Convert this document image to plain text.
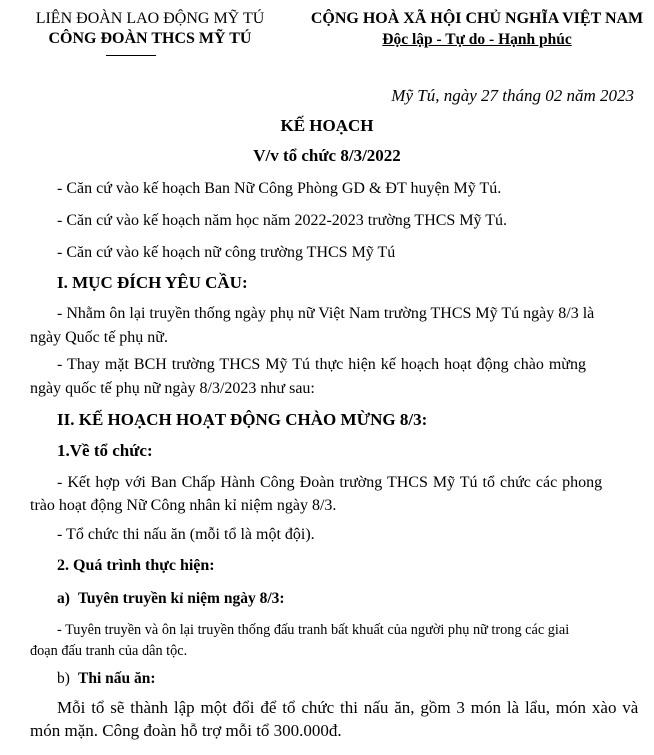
LIÊN ĐOÀN LAO ĐỘNG MỸ TÚ
CÔNG ĐOÀN THCS MỸ TÚ
CỘNG HOÀ XÃ HỘI CHỦ NGHĨA VIỆT NAM
Độc lập - Tự do - Hạnh phúc
Mỹ Tú, ngày 27 tháng 02 năm 2023
KẾ HOẠCH
V/v tổ chức 8/3/2022
- Căn cứ vào kế hoạch Ban Nữ Công Phòng GD & ĐT huyện Mỹ Tú.
- Căn cứ vào kế hoạch năm học năm 2022-2023 trường THCS Mỹ Tú.
- Căn cứ vào kế hoạch nữ công trường THCS Mỹ Tú
I. MỤC ĐÍCH YÊU CẦU:
- Nhằm ôn lại truyền thống ngày phụ nữ Việt Nam trường THCS Mỹ Tú ngày 8/3 là
ngày Quốc tế phụ nữ.
- Thay mặt BCH trường THCS Mỹ Tú thực hiện kế hoạch hoạt động chào mừng
ngày quốc tế phụ nữ ngày 8/3/2023 như sau:
II. KẾ HOẠCH HOẠT ĐỘNG CHÀO MỪNG 8/3:
1.Về tổ chức:
- Kết hợp với Ban Chấp Hành Công Đoàn trường THCS Mỹ Tú tổ chức các phong
trào hoạt động Nữ Công nhân kỉ niệm ngày 8/3.
- Tổ chức thi nấu ăn (mỗi tổ là một đội).
2. Quá trình thực hiện:
a) Tuyên truyền kỉ niệm ngày 8/3:
- Tuyên truyền và ôn lại truyền thống đấu tranh bất khuất của người phụ nữ trong các giai
đoạn đấu tranh của dân tộc.
b) Thi nấu ăn:
Mỗi tổ sẽ thành lập một đổi để tổ chức thi nấu ăn, gồm 3 món là lẩu, món xào và
món mặn. Công đoàn hỗ trợ mỗi tổ 300.000đ.
